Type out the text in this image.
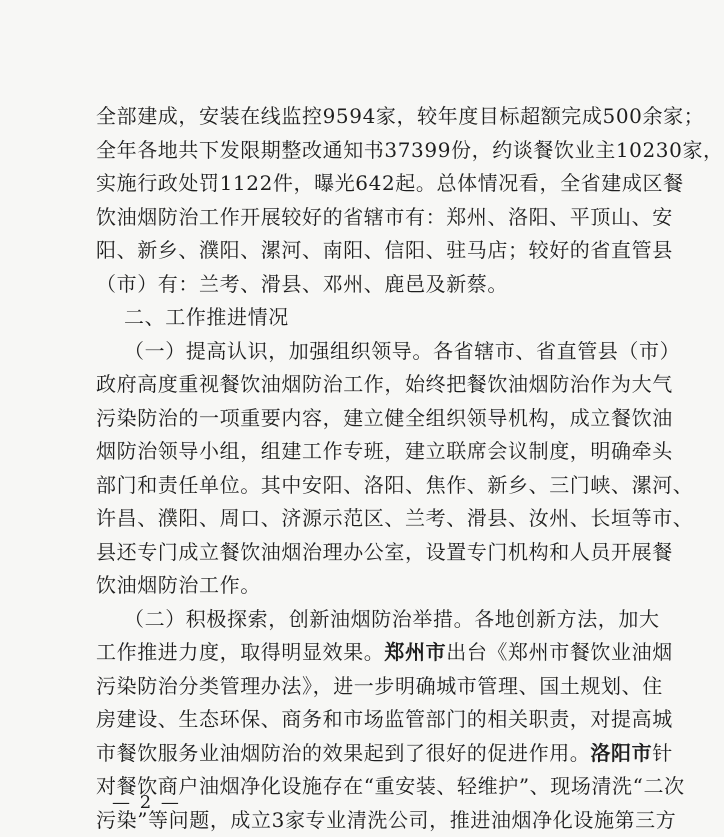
全部建成，安装在线监控9594家，较年度目标超额完成500余家；
全年各地共下发限期整改通知书37399份，约谈餐饮业主10230家，
实施行政处罚1122件，曝光642起。总体情况看，全省建成区餐
饮油烟防治工作开展较好的省辖市有：郑州、洛阳、平顶山、安
阳、新乡、濮阳、漯河、南阳、信阳、驻马店；较好的省直管县
（市）有：兰考、滑县、邓州、鹿邑及新蔡。
二、工作推进情况
（一）提高认识，加强组织领导。各省辖市、省直管县（市）
政府高度重视餐饮油烟防治工作，始终把餐饮油烟防治作为大气
污染防治的一项重要内容，建立健全组织领导机构，成立餐饮油
烟防治领导小组，组建工作专班，建立联席会议制度，明确牵头
部门和责任单位。其中安阳、洛阳、焦作、新乡、三门峡、漯河、
许昌、濮阳、周口、济源示范区、兰考、滑县、汝州、长垣等市、
县还专门成立餐饮油烟治理办公室，设置专门机构和人员开展餐
饮油烟防治工作。
（二）积极探索，创新油烟防治举措。各地创新方法，加大
工作推进力度，取得明显效果。郑州市出台《郑州市餐饮业油烟
污染防治分类管理办法》，进一步明确城市管理、国土规划、住
房建设、生态环保、商务和市场监管部门的相关职责，对提高城
市餐饮服务业油烟防治的效果起到了很好的促进作用。洛阳市针
对餐饮商户油烟净化设施存在“重安装、轻维护”、现场清洗“二次
污染”等问题，成立3家专业清洗公司，推进油烟净化设施第三方
— 2 —
